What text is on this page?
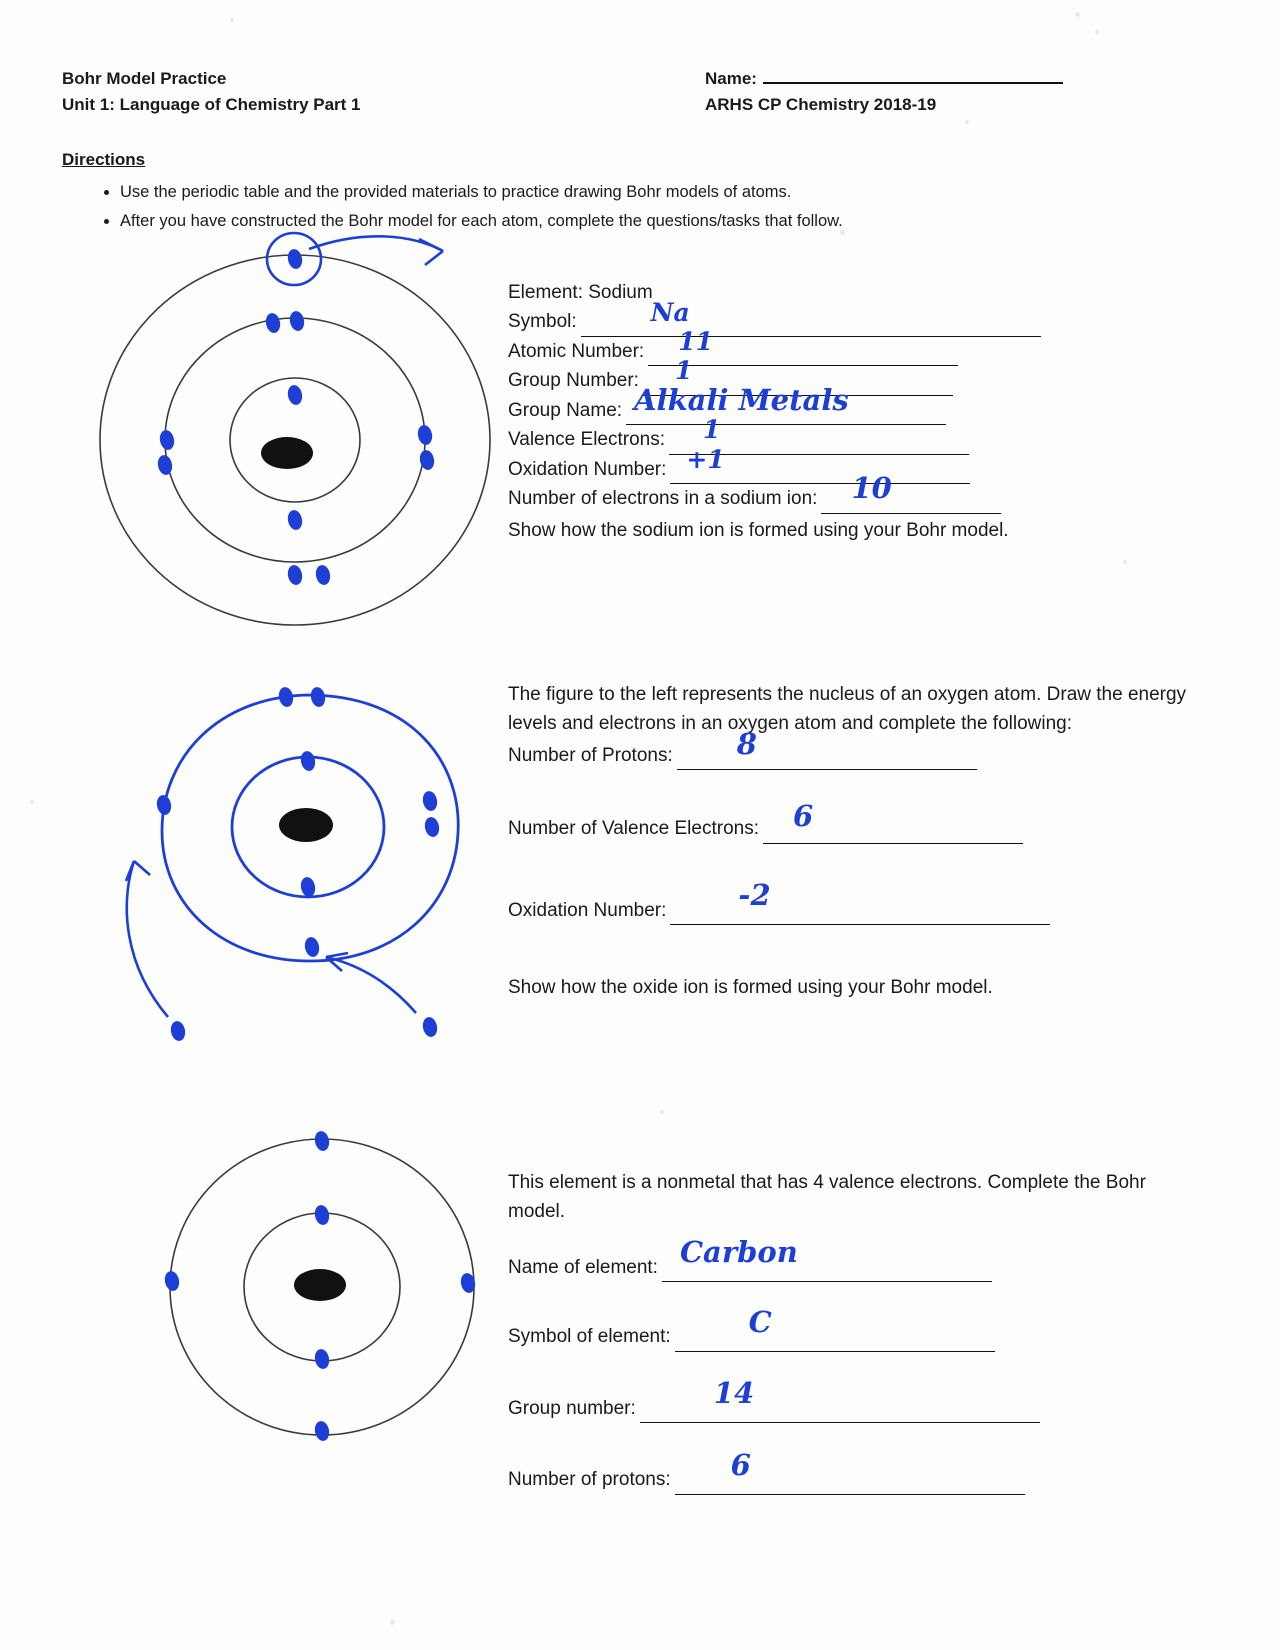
Bohr Model Practice
Unit 1: Language of Chemistry Part 1
Name:
ARHS CP Chemistry 2018-19
Directions
• Use the periodic table and the provided materials to practice drawing Bohr models of atoms.
• After you have constructed the Bohr model for each atom, complete the questions/tasks that follow.
Element: Sodium
Symbol:	Na
Atomic Number: 11
Group Number: 1
Group Name: Alkali Metals
Valence Electrons: 1
Oxidation Number: +1
Number of electrons in a sodium ion: 10
Show how the sodium ion is formed using your Bohr model.
The figure to the left represents the nucleus of an oxygen atom. Draw the energy levels and electrons in an oxygen atom and complete the following:
Number of Protons: 8
Number of Valence Electrons: 6
Oxidation Number: -2
Show how the oxide ion is formed using your Bohr model.
This element is a nonmetal that has 4 valence electrons. Complete the Bohr model.
Name of element: Carbon
Symbol of element:	C
Group number:	14
Number of protons: 6
